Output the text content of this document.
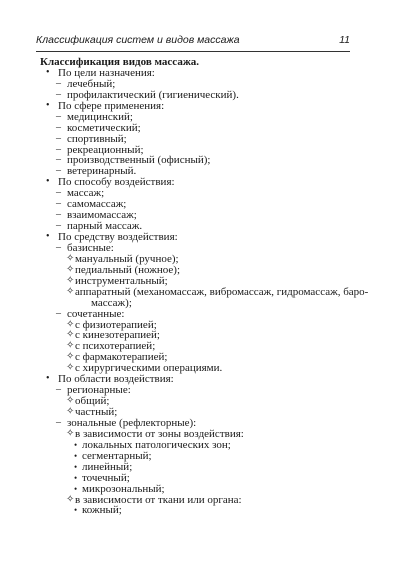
Классификация систем и видов массажа	11
Классификация видов массажа.
• По цели назначения:
– лечебный;
– профилактический (гигиенический).
• По сфере применения:
– медицинский;
– косметический;
– спортивный;
– рекреационный;
– производственный (офисный);
– ветеринарный.
• По способу воздействия:
– массаж;
– самомассаж;
– взаимомассаж;
– парный массаж.
• По средству воздействия:
– базисные:
✧ мануальный (ручное);
✧ педиальный (ножное);
✧ инструментальный;
✧ аппаратный (механомассаж, вибромассаж, гидромассаж, баро-
массаж);
– сочетанные:
✧ с физиотерапией;
✧ с кинезотерапией;
✧ с психотерапией;
✧ с фармакотерапией;
✧ с хирургическими операциями.
• По области воздействия:
– регионарные:
✧ общий;
✧ частный;
– зональные (рефлекторные):
✧ в зависимости от зоны воздействия:
• локальных патологических зон;
• сегментарный;
• линейный;
• точечный;
• микрозональный;
✧ в зависимости от ткани или органа:
• кожный;
